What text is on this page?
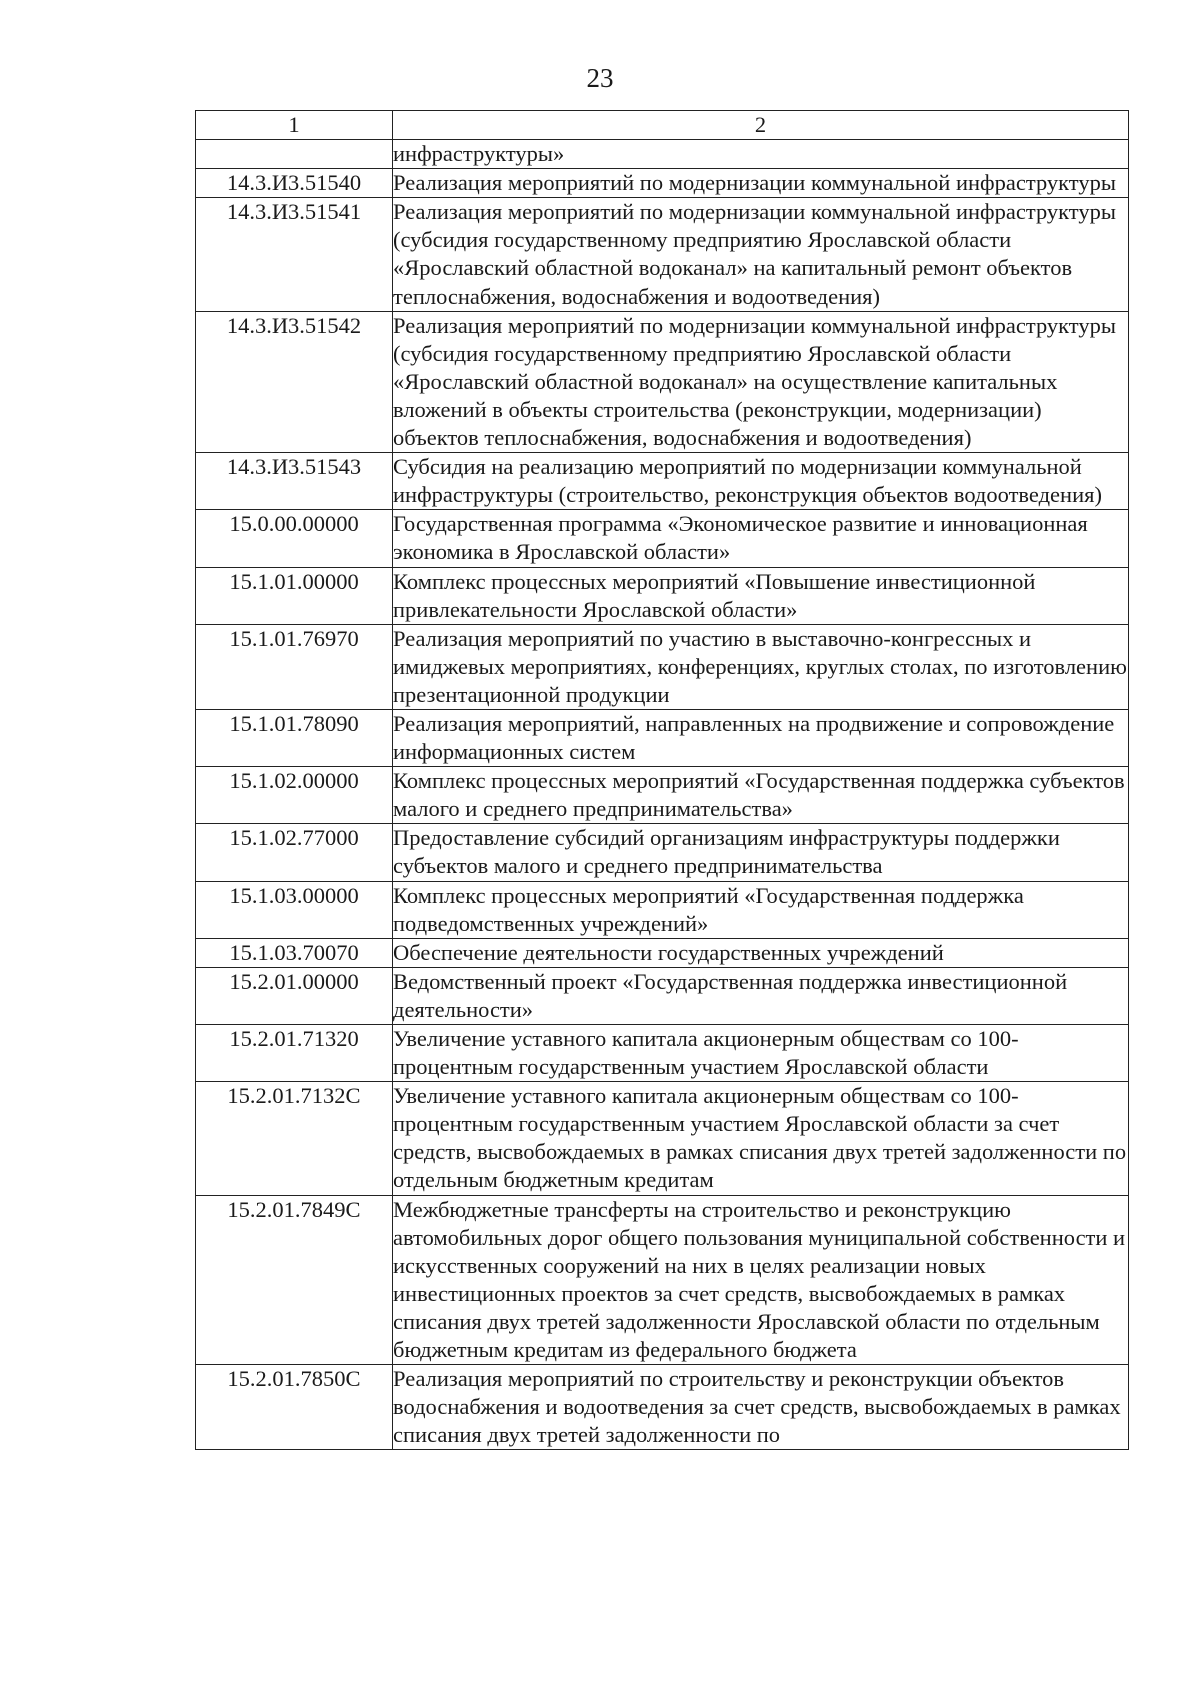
23
1	2
	инфраструктуры»
14.3.И3.51540	Реализация мероприятий по модернизации коммунальной инфраструктуры
14.3.И3.51541	Реализация мероприятий по модернизации коммунальной инфраструктуры (субсидия государственному предприятию Ярославской области «Ярославский областной водоканал» на капитальный ремонт объектов теплоснабжения, водоснабжения и водоотведения)
14.3.И3.51542	Реализация мероприятий по модернизации коммунальной инфраструктуры (субсидия государственному предприятию Ярославской области «Ярославский областной водоканал» на осуществление капитальных вложений в объекты строительства (реконструкции, модернизации) объектов теплоснабжения, водоснабжения и водоотведения)
14.3.И3.51543	Субсидия на реализацию мероприятий по модернизации коммунальной инфраструктуры (строительство, реконструкция объектов водоотведения)
15.0.00.00000	Государственная программа «Экономическое развитие и инновационная экономика в Ярославской области»
15.1.01.00000	Комплекс процессных мероприятий «Повышение инвестиционной привлекательности Ярославской области»
15.1.01.76970	Реализация мероприятий по участию в выставочно-конгрессных и имиджевых мероприятиях, конференциях, круглых столах, по изготовлению презентационной продукции
15.1.01.78090	Реализация мероприятий, направленных на продвижение и сопровождение информационных систем
15.1.02.00000	Комплекс процессных мероприятий «Государственная поддержка субъектов малого и среднего предпринимательства»
15.1.02.77000	Предоставление субсидий организациям инфраструктуры поддержки субъектов малого и среднего предпринимательства
15.1.03.00000	Комплекс процессных мероприятий «Государственная поддержка подведомственных учреждений»
15.1.03.70070	Обеспечение деятельности государственных учреждений
15.2.01.00000	Ведомственный проект «Государственная поддержка инвестиционной деятельности»
15.2.01.71320	Увеличение уставного капитала акционерным обществам со 100-процентным государственным участием Ярославской области
15.2.01.7132С	Увеличение уставного капитала акционерным обществам со 100-процентным государственным участием Ярославской области за счет средств, высвобождаемых в рамках списания двух третей задолженности по отдельным бюджетным кредитам
15.2.01.7849С	Межбюджетные трансферты на строительство и реконструкцию автомобильных дорог общего пользования муниципальной собственности и искусственных сооружений на них в целях реализации новых инвестиционных проектов за счет средств, высвобождаемых в рамках списания двух третей задолженности Ярославской области по отдельным бюджетным кредитам из федерального бюджета
15.2.01.7850С	Реализация мероприятий по строительству и реконструкции объектов водоснабжения и водоотведения за счет средств, высвобождаемых в рамках списания двух третей задолженности по
